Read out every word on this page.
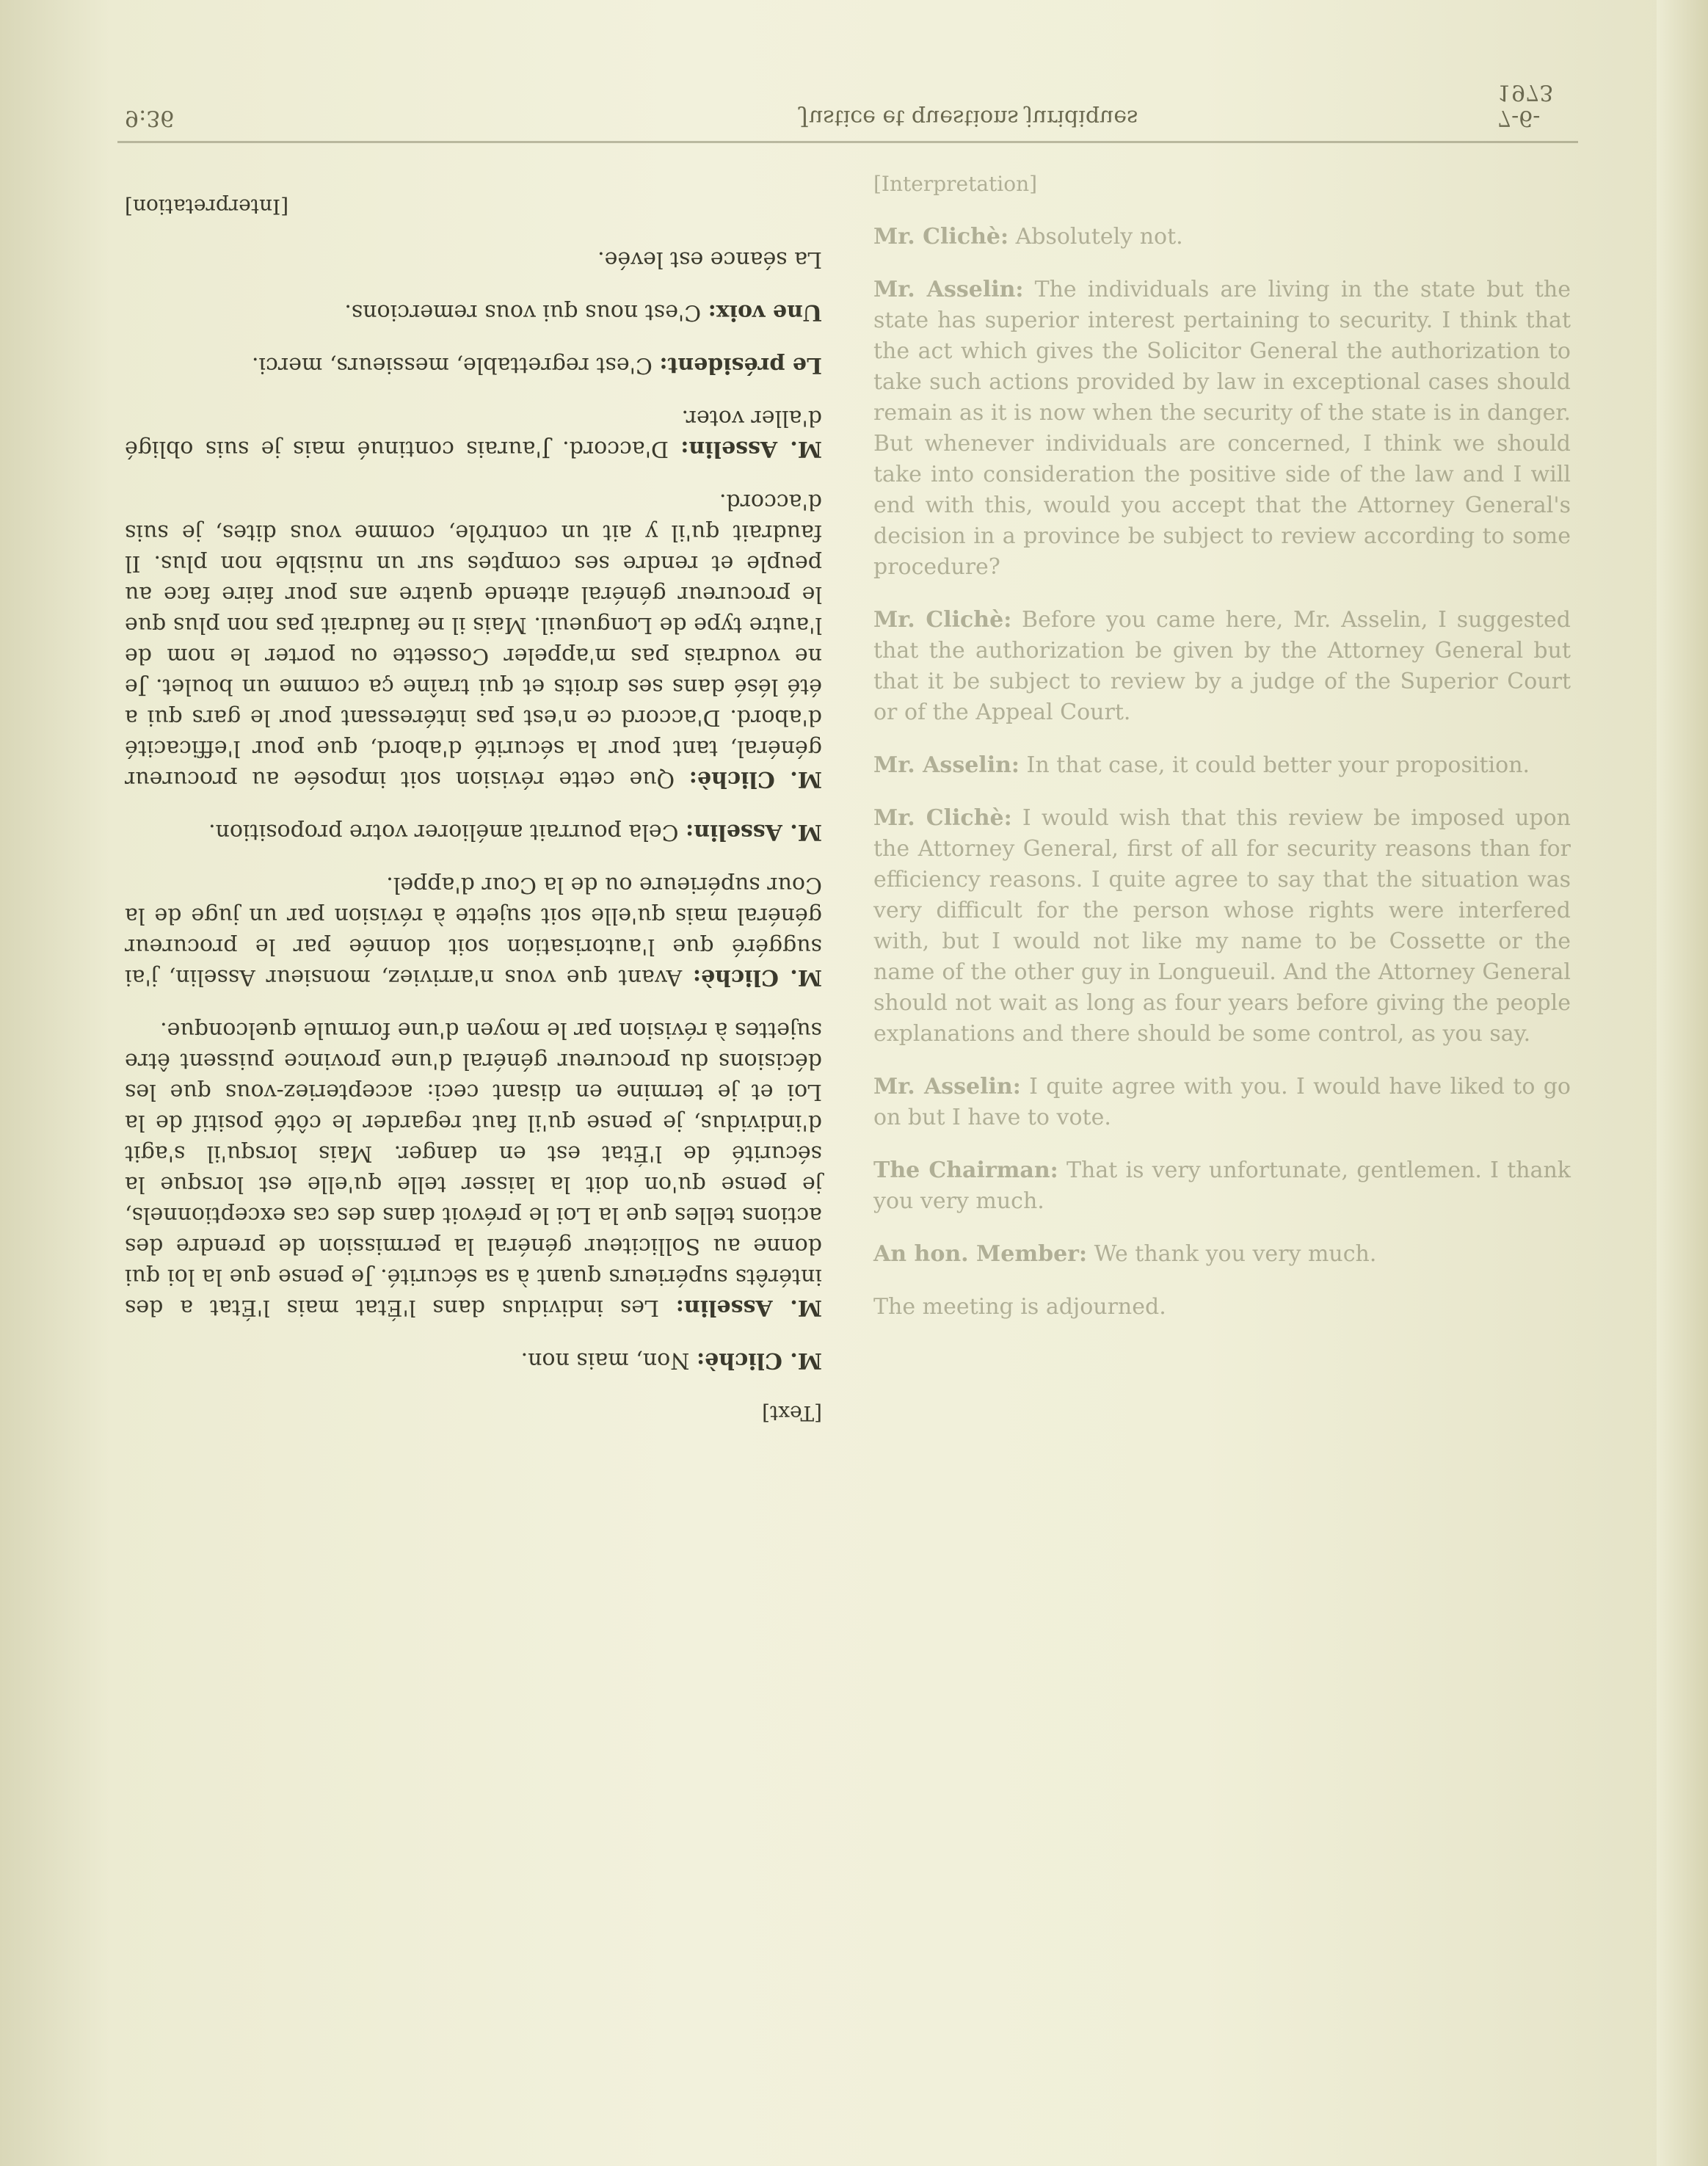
7-6-1973
Justice et questions juridiques
9:36
[Text]

M. Clichè: Non, mais non.

M. Asselin: Les individus dans l'État mais l'État a des intérêts supérieurs quant à sa sécurité. Je pense que la loi qui donne au Solliciteur général la permission de prendre des actions telles que la Loi le prévoit dans des cas exceptionnels, je pense qu'on doit la laisser telle qu'elle est lorsque la sécurité de l'État est en danger. Mais lorsqu'il s'agit d'individus, je pense qu'il faut regarder le côté positif de la Loi et je termine en disant ceci: accepteriez-vous que les décisions du procureur général d'une province puissent être sujettes à révision par le moyen d'une formule quelconque.

M. Clichè: Avant que vous n'arriviez, monsieur Asselin, j'ai suggéré que l'autorisation soit donnée par le procureur général mais qu'elle soit sujette à révision par un juge de la Cour supérieure ou de la Cour d'appel.

M. Asselin: Cela pourrait améliorer votre proposition.

M. Clichè: Que cette révision soit imposée au procureur général, tant pour la sécurité d'abord, que pour l'efficacité d'abord. D'accord ce n'est pas intéressant pour le gars qui a été lésé dans ses droits et qui traîne ça comme un boulet. Je ne voudrais pas m'appeler Cossette ou porter le nom de l'autre type de Longueuil. Mais il ne faudrait pas non plus que le procureur général attende quatre ans pour faire face au peuple et rendre ses comptes sur un nuisible non plus. Il faudrait qu'il y ait un contrôle, comme vous dites, je suis d'accord.

M. Asselin: D'accord. J'aurais continué mais je suis obligé d'aller voter.

Le président: C'est regrettable, messieurs, merci.

Une voix: C'est nous qui vous remercions.

La séance est levée.

[Interpretation]
[Interpretation]

Mr. Clichè: Absolutely not.

Mr. Asselin: The individuals are living in the state but the state has superior interest pertaining to security. I think that the act which gives the Solicitor General the authorization to take such actions provided by law in exceptional cases should remain as it is now when the security of the state is in danger. But whenever individuals are concerned, I think we should take into consideration the positive side of the law and I will end with this, would you accept that the Attorney General's decision in a province be subject to review according to some procedure?

Mr. Clichè: Before you came here, Mr. Asselin, I suggested that the authorization be given by the Attorney General but that it be subject to review by a judge of the Superior Court or of the Appeal Court.

Mr. Asselin: In that case, it could better your proposition.

Mr. Clichè: I would wish that this review be imposed upon the Attorney General, first of all for security reasons than for efficiency reasons. I quite agree to say that the situation was very difficult for the person whose rights were interfered with, but I would not like my name to be Cossette or the name of the other guy in Longueuil. And the Attorney General should not wait as long as four years before giving the people explanations and there should be some control, as you say.

Mr. Asselin: I quite agree with you. I would have liked to go on but I have to vote.

The Chairman: That is very unfortunate, gentlemen. I thank you very much.

An hon. Member: We thank you very much.

The meeting is adjourned.
